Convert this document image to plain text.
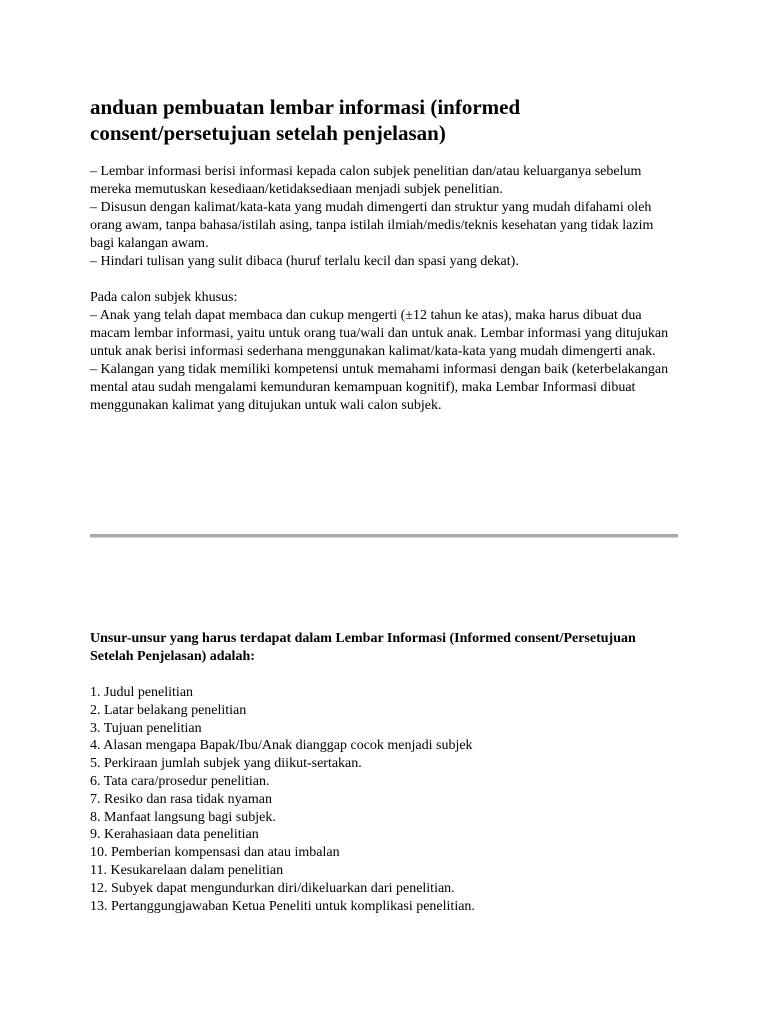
anduan pembuatan lembar informasi (informed consent/persetujuan setelah penjelasan)

– Lembar informasi berisi informasi kepada calon subjek penelitian dan/atau keluarganya sebelum mereka memutuskan kesediaan/ketidaksediaan menjadi subjek penelitian.

– Disusun dengan kalimat/kata-kata yang mudah dimengerti dan struktur yang mudah difahami oleh orang awam, tanpa bahasa/istilah asing, tanpa istilah ilmiah/medis/teknis kesehatan yang tidak lazim bagi kalangan awam.

– Hindari tulisan yang sulit dibaca (huruf terlalu kecil dan spasi yang dekat).

Pada calon subjek khusus:

– Anak yang telah dapat membaca dan cukup mengerti (±12 tahun ke atas), maka harus dibuat dua macam lembar informasi, yaitu untuk orang tua/wali dan untuk anak. Lembar informasi yang ditujukan untuk anak berisi informasi sederhana menggunakan kalimat/kata-kata yang mudah dimengerti anak.

– Kalangan yang tidak memiliki kompetensi untuk memahami informasi dengan baik (keterbelakangan mental atau sudah mengalami kemunduran kemampuan kognitif), maka Lembar Informasi dibuat menggunakan kalimat yang ditujukan untuk wali calon subjek.

Unsur-unsur yang harus terdapat dalam Lembar Informasi (Informed consent/Persetujuan Setelah Penjelasan) adalah:
1. Judul penelitian
2. Latar belakang penelitian
3. Tujuan penelitian
4. Alasan mengapa Bapak/Ibu/Anak dianggap cocok menjadi subjek
5. Perkiraan jumlah subjek yang diikut-sertakan.
6. Tata cara/prosedur penelitian.
7. Resiko dan rasa tidak nyaman
8. Manfaat langsung bagi subjek.
9. Kerahasiaan data penelitian
10. Pemberian kompensasi dan atau imbalan
11. Kesukarelaan dalam penelitian
12. Subyek dapat mengundurkan diri/dikeluarkan dari penelitian.
13. Pertanggungjawaban Ketua Peneliti untuk komplikasi penelitian.
